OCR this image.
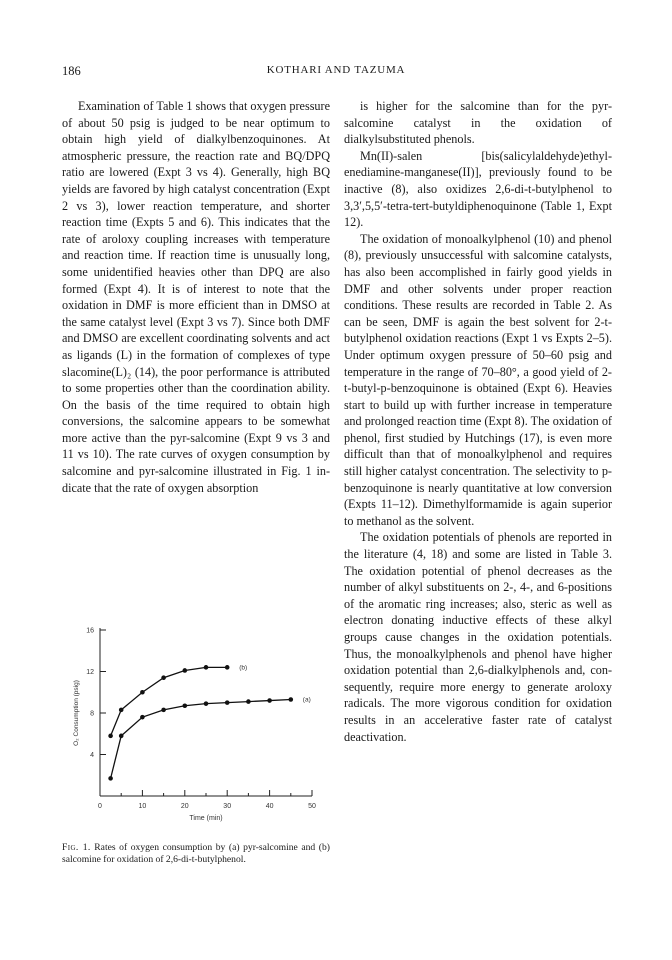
186	KOTHARI AND TAZUMA

Examination of Table 1 shows that oxygen pressure of about 50 psig is judged to be near optimum to obtain high yield of dialkylbenzoquinones. At atmospheric pressure, the reaction rate and BQ/DPQ ratio are lowered (Expt 3 vs 4). Generally, high BQ yields are favored by high catalyst concentration (Expt 2 vs 3), lower reaction temperature, and shorter reaction time (Expts 5 and 6). This indicates that the rate of aroloxy coupling increases with temperature and reaction time. If reaction time is unusually long, some unidentified heavies other than DPQ are also formed (Expt 4). It is of interest to note that the oxidation in DMF is more efficient than in DMSO at the same catalyst level (Expt 3 vs 7). Since both DMF and DMSO are excellent coordinating solvents and act as ligands (L) in the formation of complexes of type slacomine(L)₂ (14), the poor performance is attributed to some properties other than the coordination ability. On the basis of the time required to obtain high conversions, the salcomine appears to be somewhat more active than the pyr-salcomine (Expt 9 vs 3 and 11 vs 10). The rate curves of oxygen consumption by salcomine and pyr-salcomine illustrated in Fig. 1 indicate that the rate of oxygen absorption

is higher for the salcomine than for the pyr-salcomine catalyst in the oxidation of dialkylsubstituted phenols.

Mn(II)-salen [bis(salicylaldehyde)ethylenediamine-manganese(II)], previously found to be inactive (8), also oxidizes 2,6-di-t-butylphenol to 3,3′,5,5′-tetra-tert-butyldiphenoquinone (Table 1, Expt 12).

The oxidation of monoalkylphenol (10) and phenol (8), previously unsuccessful with salcomine catalysts, has also been accomplished in fairly good yields in DMF and other solvents under proper reaction conditions. These results are recorded in Table 2. As can be seen, DMF is again the best solvent for 2-t-butylphenol oxidation reactions (Expt 1 vs Expts 2–5). Under optimum oxygen pressure of 50–60 psig and temperature in the range of 70–80°, a good yield of 2-t-butyl-p-benzoquinone is obtained (Expt 6). Heavies start to build up with further increase in temperature and prolonged reaction time (Expt 8). The oxidation of phenol, first studied by Hutchings (17), is even more difficult than that of monoalkylphenol and requires still higher catalyst concentration. The selectivity to p-benzoquinone is nearly quantitative at low conversion (Expts 11–12). Dimethylformamide is again superior to methanol as the solvent.

The oxidation potentials of phenols are reported in the literature (4, 18) and some are listed in Table 3. The oxidation potential of phenol decreases as the number of alkyl substituents on 2-, 4-, and 6-positions of the aromatic ring increases; also, steric as well as electron donating inductive effects of these alkyl groups cause changes in the oxidation potentials. Thus, the monoalkylphenols and phenol have higher oxidation potential than 2,6-dialkylphenols and, consequently, require more energy to generate aroloxy radicals. The more vigorous condition for oxidation results in an accelerative faster rate of catalyst deactivation.

0	10	20	30	40	50
4
8
12
16
Time (min)
O₂ Consumption (psig)	(a)
(b)
Fig. 1. Rates of oxygen consumption by (a) pyr-salcomine and (b) salcomine for oxidation of 2,6-di-t-butylphenol.
